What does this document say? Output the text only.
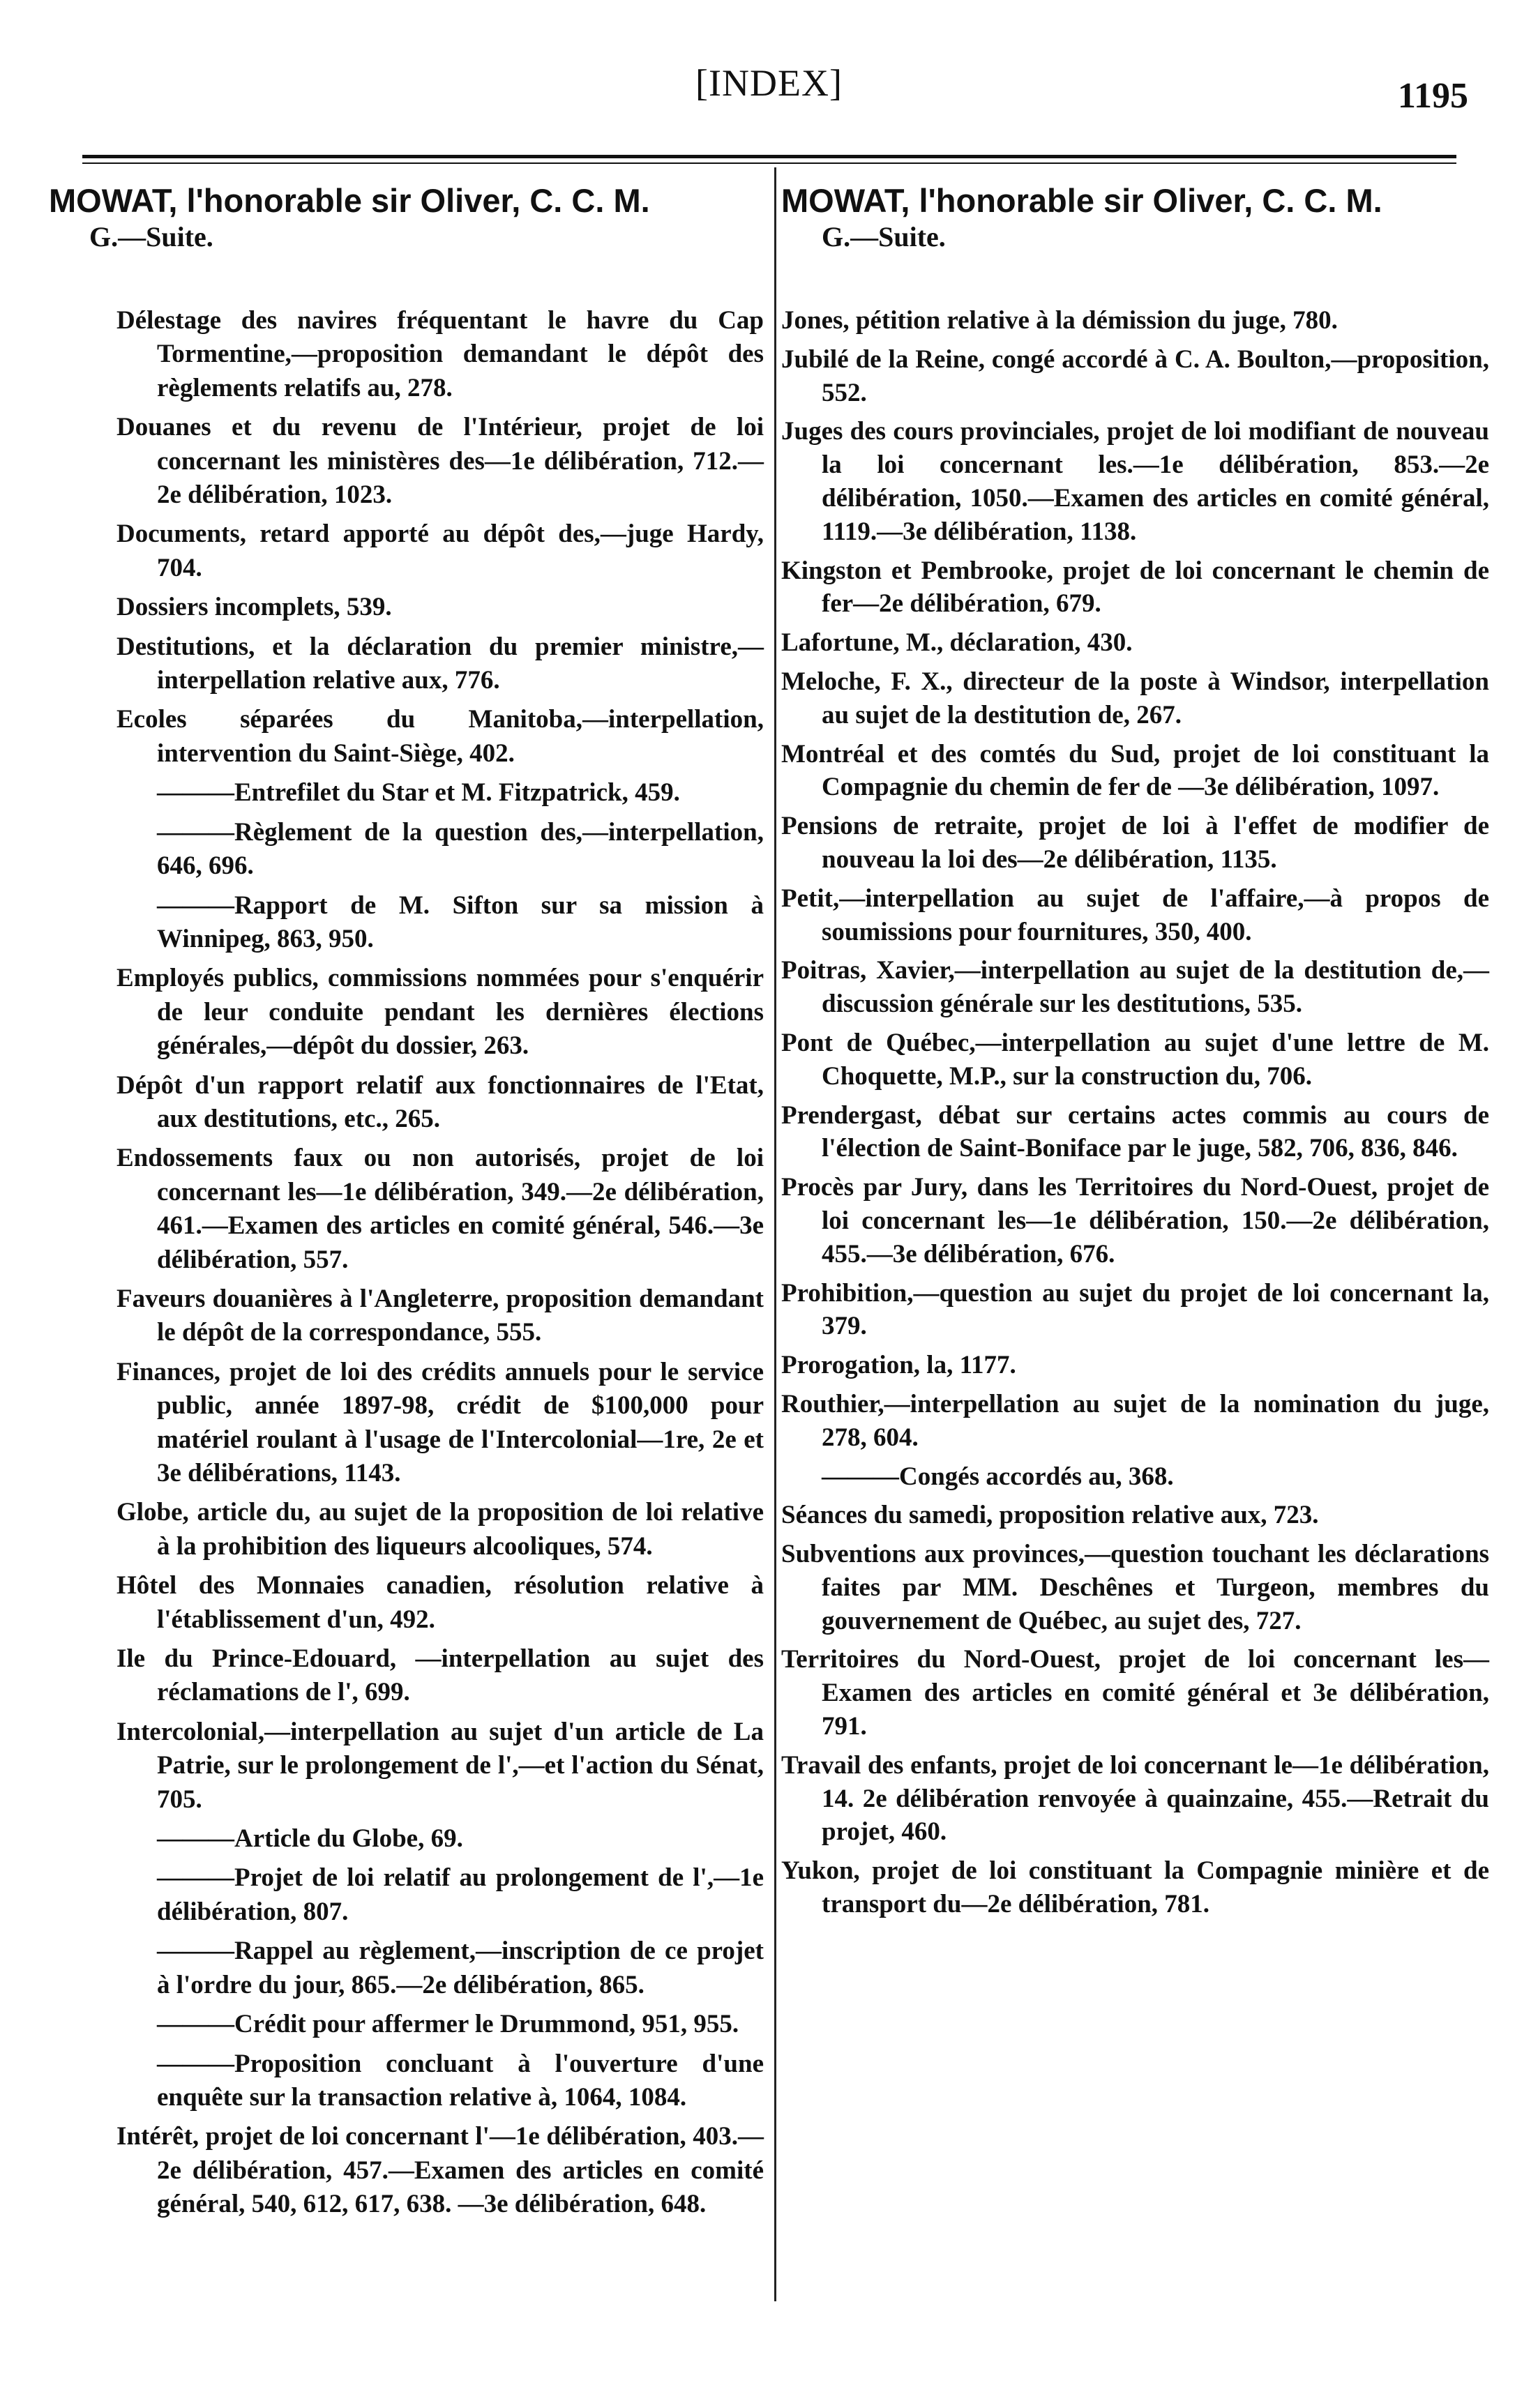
[INDEX]	1195
MOWAT, l'honorable sir Oliver, C. C. M.
G.—Suite.
Délestage des navires fréquentant le havre du Cap Tormentine,—proposition demandant le dépôt des règlements relatifs au, 278.
Douanes et du revenu de l'Intérieur, projet de loi concernant les ministères des—1e délibération, 712.—2e délibération, 1023.
Documents, retard apporté au dépôt des,—juge Hardy, 704.
Dossiers incomplets, 539.
Destitutions, et la déclaration du premier ministre,—interpellation relative aux, 776.
Ecoles séparées du Manitoba,—interpellation, intervention du Saint-Siège, 402.
——— Entrefilet du Star et M. Fitzpatrick, 459.
——— Règlement de la question des,—interpellation, 646, 696.
——— Rapport de M. Sifton sur sa mission à Winnipeg, 863, 950.
Employés publics, commissions nommées pour s'enquérir de leur conduite pendant les dernières élections générales,—dépôt du dossier, 263.
Dépôt d'un rapport relatif aux fonctionnaires de l'Etat, aux destitutions, etc., 265.
Endossements faux ou non autorisés, projet de loi concernant les—1e délibération, 349.—2e délibération, 461.—Examen des articles en comité général, 546.—3e délibération, 557.
Faveurs douanières à l'Angleterre, proposition demandant le dépôt de la correspondance, 555.
Finances, projet de loi des crédits annuels pour le service public, année 1897-98, crédit de $100,000 pour matériel roulant à l'usage de l'Intercolonial—1re, 2e et 3e délibérations, 1143.
Globe, article du, au sujet de la proposition de loi relative à la prohibition des liqueurs alcooliques, 574.
Hôtel des Monnaies canadien, résolution relative à l'établissement d'un, 492.
Ile du Prince-Edouard, —interpellation au sujet des réclamations de l', 699.
Intercolonial,—interpellation au sujet d'un article de La Patrie, sur le prolongement de l',—et l'action du Sénat, 705.
——— Article du Globe, 69.
——— Projet de loi relatif au prolongement de l',—1e délibération, 807.
——— Rappel au règlement,—inscription de ce projet à l'ordre du jour, 865.—2e délibération, 865.
——— Crédit pour affermer le Drummond, 951, 955.
——— Proposition concluant à l'ouverture d'une enquête sur la transaction relative à, 1064, 1084.
Intérêt, projet de loi concernant l'—1e délibération, 403.—2e délibération, 457.—Examen des articles en comité général, 540, 612, 617, 638. —3e délibération, 648.
MOWAT, l'honorable sir Oliver, C. C. M.
G.—Suite.
Jones, pétition relative à la démission du juge, 780.
Jubilé de la Reine, congé accordé à C. A. Boulton,—proposition, 552.
Juges des cours provinciales, projet de loi modifiant de nouveau la loi concernant les.—1e délibération, 853.—2e délibération, 1050.—Examen des articles en comité général, 1119.—3e délibération, 1138.
Kingston et Pembrooke, projet de loi concernant le chemin de fer—2e délibération, 679.
Lafortune, M., déclaration, 430.
Meloche, F. X., directeur de la poste à Windsor, interpellation au sujet de la destitution de, 267.
Montréal et des comtés du Sud, projet de loi constituant la Compagnie du chemin de fer de —3e délibération, 1097.
Pensions de retraite, projet de loi à l'effet de modifier de nouveau la loi des—2e délibération, 1135.
Petit,—interpellation au sujet de l'affaire,—à propos de soumissions pour fournitures, 350, 400.
Poitras, Xavier,—interpellation au sujet de la destitution de,—discussion générale sur les destitutions, 535.
Pont de Québec,—interpellation au sujet d'une lettre de M. Choquette, M.P., sur la construction du, 706.
Prendergast, débat sur certains actes commis au cours de l'élection de Saint-Boniface par le juge, 582, 706, 836, 846.
Procès par Jury, dans les Territoires du Nord-Ouest, projet de loi concernant les—1e délibération, 150.—2e délibération, 455.—3e délibération, 676.
Prohibition,—question au sujet du projet de loi concernant la, 379.
Prorogation, la, 1177.
Routhier,—interpellation au sujet de la nomination du juge, 278, 604.
——— Congés accordés au, 368.
Séances du samedi, proposition relative aux, 723.
Subventions aux provinces,—question touchant les déclarations faites par MM. Deschênes et Turgeon, membres du gouvernement de Québec, au sujet des, 727.
Territoires du Nord-Ouest, projet de loi concernant les—Examen des articles en comité général et 3e délibération, 791.
Travail des enfants, projet de loi concernant le—1e délibération, 14. 2e délibération renvoyée à quainzaine, 455.—Retrait du projet, 460.
Yukon, projet de loi constituant la Compagnie minière et de transport du—2e délibération, 781.
